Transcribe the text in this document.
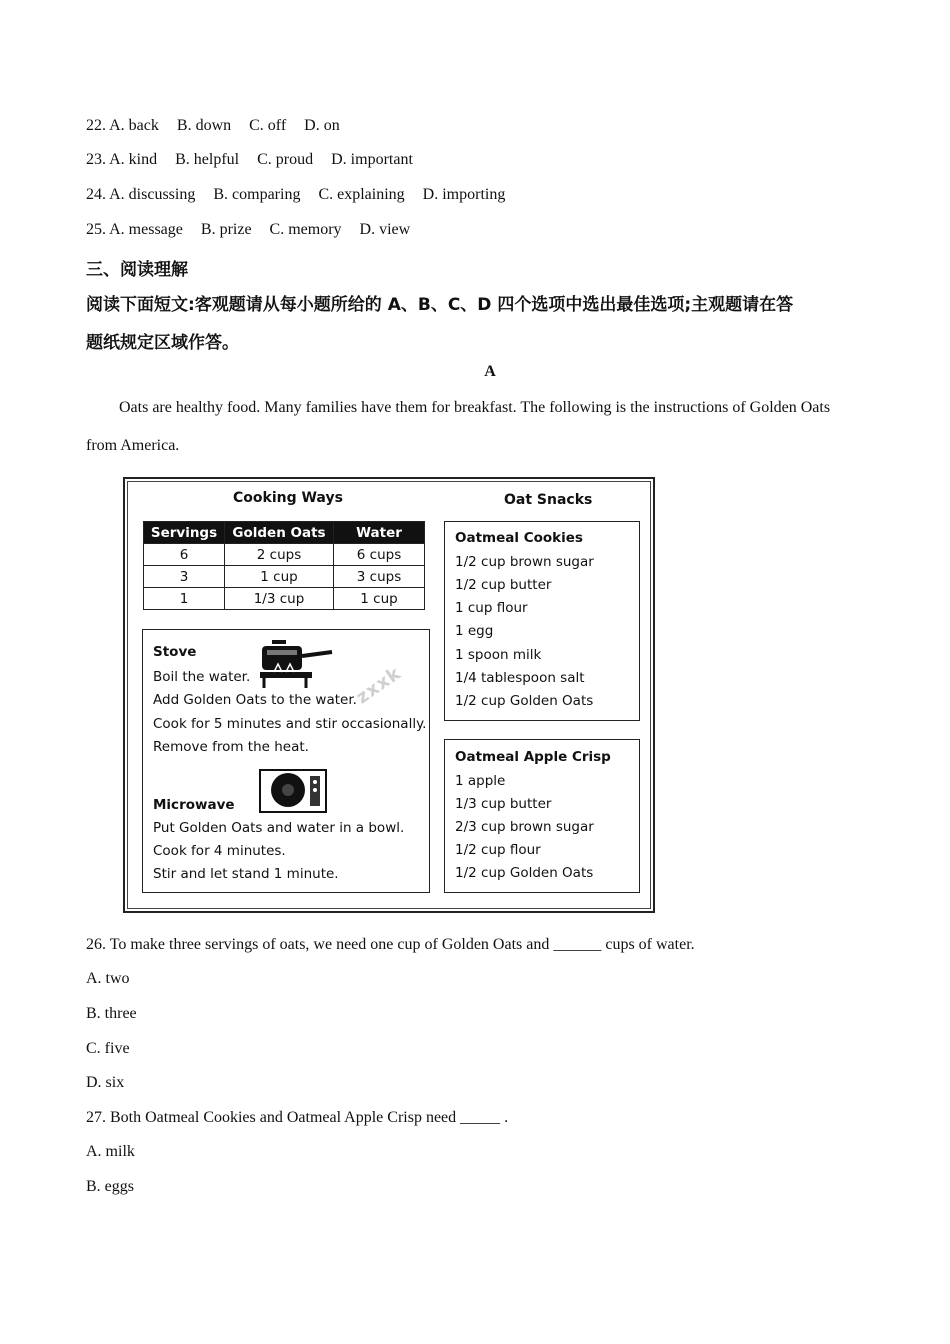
22. A. back B. down C. off D. on
23. A. kind B. helpful C. proud D. important
24. A. discussing B. comparing C. explaining D. importing
25. A. message B. prize C. memory D. view
三、阅读理解
阅读下面短文:客观题请从每小题所给的 A、B、C、D 四个选项中选出最佳选项;主观题请在答
题纸规定区域作答。
A
Oats are healthy food. Many families have them for breakfast. The following is the instructions of Golden Oats from America.
Cooking Ways	Oat Snacks
Servings	Golden Oats	Water
6	2 cups	6 cups
3	1 cup	3 cups
1	1/3 cup	1 cup
Stove
Boil the water.
Add Golden Oats to the water.
Cook for 5 minutes and stir occasionally.
Remove from the heat.
Microwave
Put Golden Oats and water in a bowl.
Cook for 4 minutes.
Stir and let stand 1 minute.
Oatmeal Cookies
1/2 cup brown sugar
1/2 cup butter
1 cup flour
1 egg
1 spoon milk
1/4 tablespoon salt
1/2 cup Golden Oats
Oatmeal Apple Crisp
1 apple
1/3 cup butter
2/3 cup brown sugar
1/2 cup flour
1/2 cup Golden Oats
zxxk
26. To make three servings of oats, we need one cup of Golden Oats and ______ cups of water.
A. two
B. three
C. five
D. six
27. Both Oatmeal Cookies and Oatmeal Apple Crisp need _____ .
A. milk
B. eggs
